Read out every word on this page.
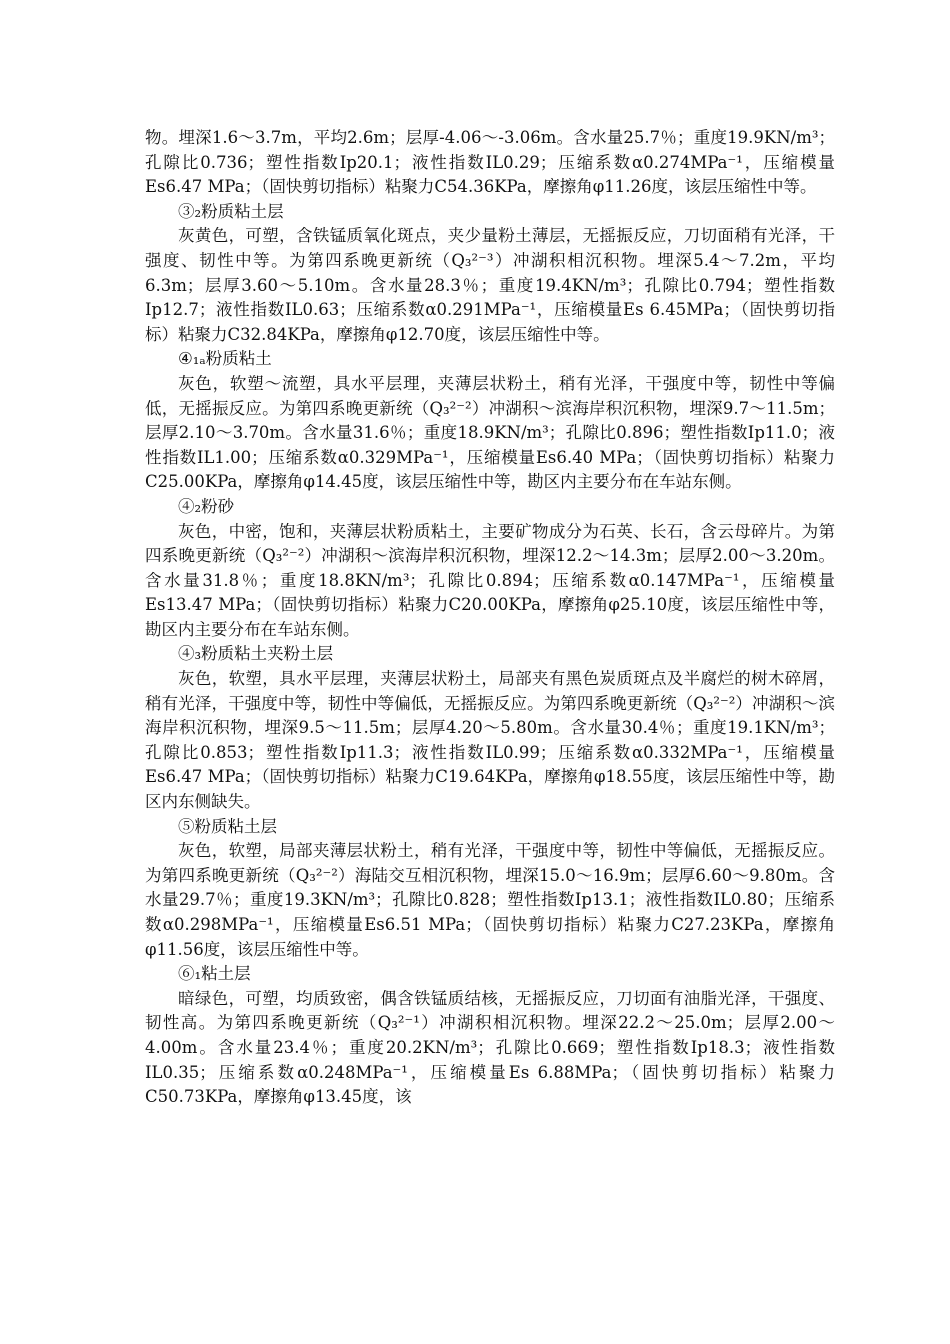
物。埋深1.6～3.7m，平均2.6m；层厚-4.06～-3.06m。含水量25.7％；重度19.9KN/m³；孔隙比0.736；塑性指数Ip20.1；液性指数IL0.29；压缩系数α0.274MPa⁻¹，压缩模量Es6.47 MPa；（固快剪切指标）粘聚力C54.36KPa，摩擦角φ11.26度，该层压缩性中等。

③₂粉质粘土层

灰黄色，可塑，含铁锰质氧化斑点，夹少量粉土薄层，无摇振反应，刀切面稍有光泽，干强度、韧性中等。为第四系晚更新统（Q₃²⁻³）冲湖积相沉积物。埋深5.4～7.2m，平均6.3m；层厚3.60～5.10m。含水量28.3％；重度19.4KN/m³；孔隙比0.794；塑性指数Ip12.7；液性指数IL0.63；压缩系数α0.291MPa⁻¹，压缩模量Es 6.45MPa；（固快剪切指标）粘聚力C32.84KPa，摩擦角φ12.70度，该层压缩性中等。

④₁ₐ粉质粘土

灰色，软塑～流塑，具水平层理，夹薄层状粉土，稍有光泽，干强度中等，韧性中等偏低，无摇振反应。为第四系晚更新统（Q₃²⁻²）冲湖积～滨海岸积沉积物，埋深9.7～11.5m；层厚2.10～3.70m。含水量31.6％；重度18.9KN/m³；孔隙比0.896；塑性指数Ip11.0；液性指数IL1.00；压缩系数α0.329MPa⁻¹，压缩模量Es6.40 MPa；（固快剪切指标）粘聚力C25.00KPa，摩擦角φ14.45度，该层压缩性中等，勘区内主要分布在车站东侧。

④₂粉砂

灰色，中密，饱和，夹薄层状粉质粘土，主要矿物成分为石英、长石，含云母碎片。为第四系晚更新统（Q₃²⁻²）冲湖积～滨海岸积沉积物，埋深12.2～14.3m；层厚2.00～3.20m。含水量31.8％；重度18.8KN/m³；孔隙比0.894；压缩系数α0.147MPa⁻¹，压缩模量Es13.47 MPa；（固快剪切指标）粘聚力C20.00KPa，摩擦角φ25.10度，该层压缩性中等，勘区内主要分布在车站东侧。

④₃粉质粘土夹粉土层

灰色，软塑，具水平层理，夹薄层状粉土，局部夹有黑色炭质斑点及半腐烂的树木碎屑，稍有光泽，干强度中等，韧性中等偏低，无摇振反应。为第四系晚更新统（Q₃²⁻²）冲湖积～滨海岸积沉积物，埋深9.5～11.5m；层厚4.20～5.80m。含水量30.4％；重度19.1KN/m³；孔隙比0.853；塑性指数Ip11.3；液性指数IL0.99；压缩系数α0.332MPa⁻¹，压缩模量Es6.47 MPa；（固快剪切指标）粘聚力C19.64KPa，摩擦角φ18.55度，该层压缩性中等，勘区内东侧缺失。

⑤粉质粘土层

灰色，软塑，局部夹薄层状粉土，稍有光泽，干强度中等，韧性中等偏低，无摇振反应。为第四系晚更新统（Q₃²⁻²）海陆交互相沉积物，埋深15.0～16.9m；层厚6.60～9.80m。含水量29.7％；重度19.3KN/m³；孔隙比0.828；塑性指数Ip13.1；液性指数IL0.80；压缩系数α0.298MPa⁻¹，压缩模量Es6.51 MPa；（固快剪切指标）粘聚力C27.23KPa，摩擦角φ11.56度，该层压缩性中等。

⑥₁粘土层

暗绿色，可塑，均质致密，偶含铁锰质结核，无摇振反应，刀切面有油脂光泽，干强度、韧性高。为第四系晚更新统（Q₃²⁻¹）冲湖积相沉积物。埋深22.2～25.0m；层厚2.00～4.00m。含水量23.4％；重度20.2KN/m³；孔隙比0.669；塑性指数Ip18.3；液性指数IL0.35；压缩系数α0.248MPa⁻¹，压缩模量Es 6.88MPa；（固快剪切指标）粘聚力C50.73KPa，摩擦角φ13.45度，该
